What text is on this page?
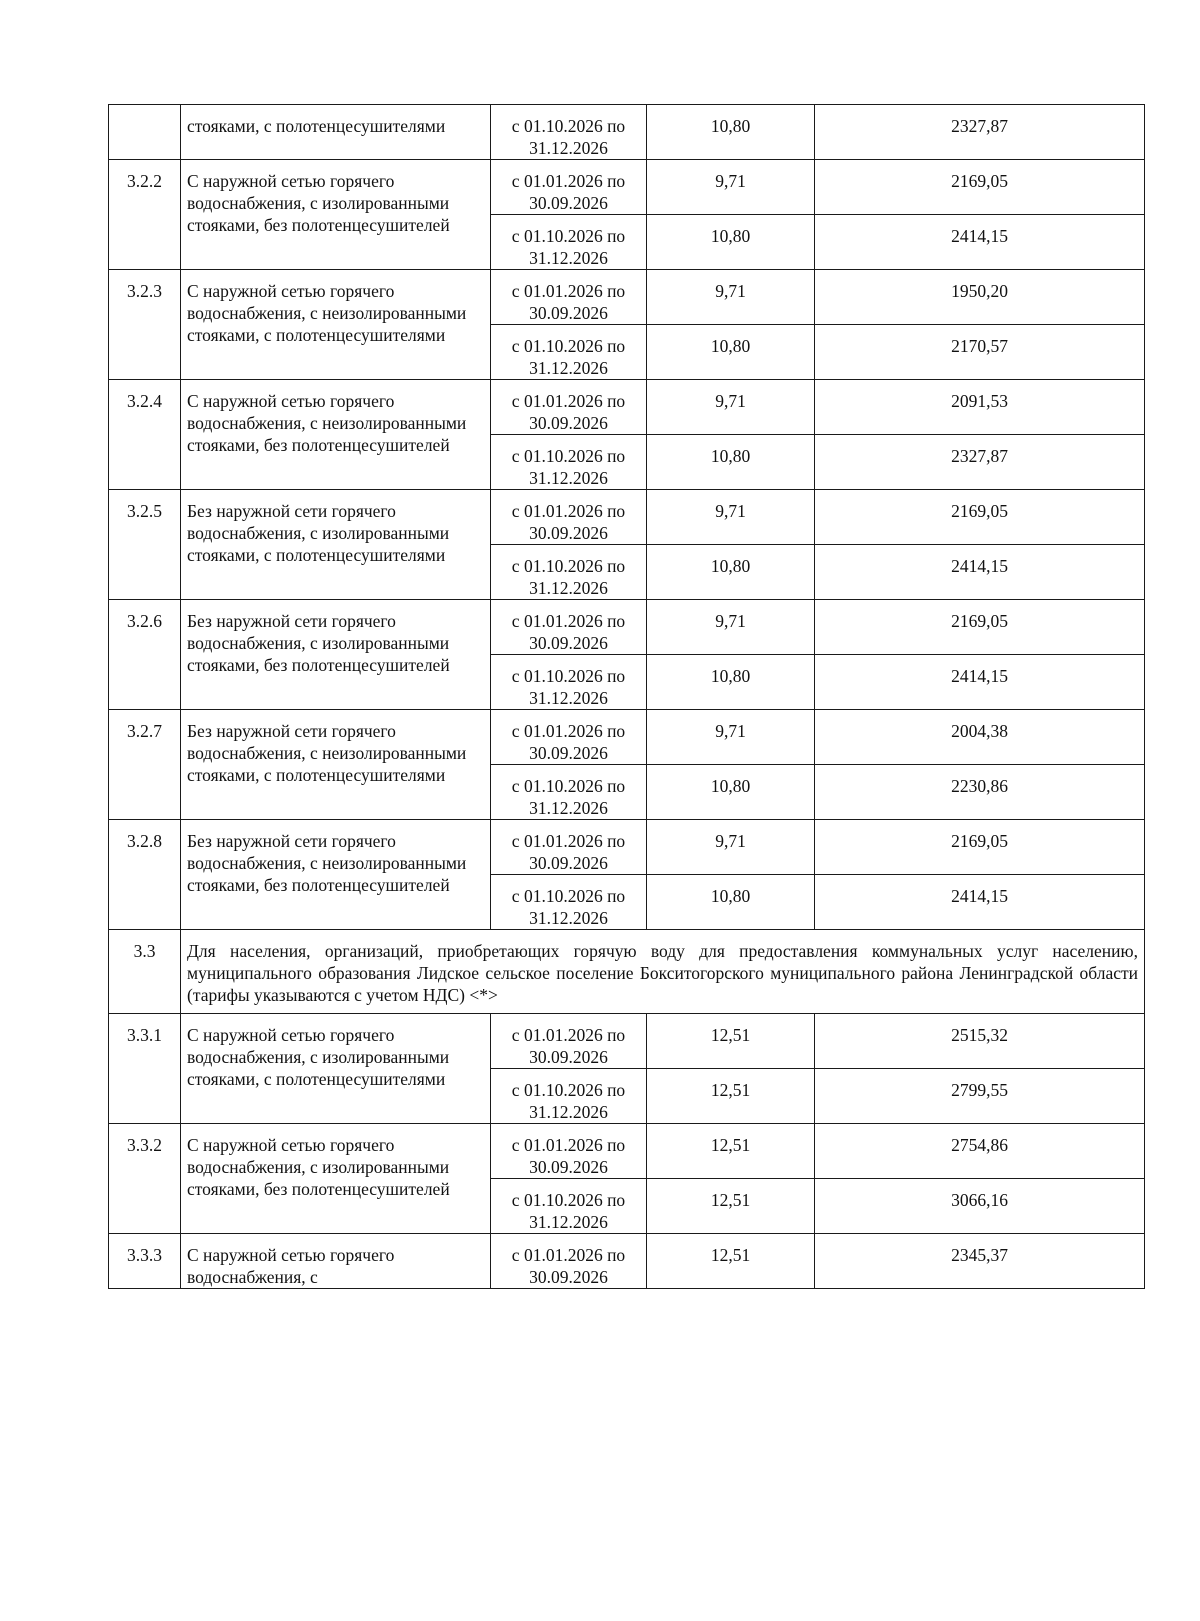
	стояками, с полотенцесушителями	с 01.10.2026 по
31.12.2026	10,80	2327,87
3.2.2	С наружной сетью горячего водоснабжения, с изолированными стояками, без полотенцесушителей	с 01.01.2026 по
30.09.2026	9,71	2169,05

		с 01.10.2026 по
31.12.2026	10,80	2414,15
3.2.3	С наружной сетью горячего водоснабжения, с неизолированными стояками, с полотенцесушителями	с 01.01.2026 по
30.09.2026	9,71	1950,20

		с 01.10.2026 по
31.12.2026	10,80	2170,57
3.2.4	С наружной сетью горячего водоснабжения, с неизолированными стояками, без полотенцесушителей	с 01.01.2026 по
30.09.2026	9,71	2091,53

		с 01.10.2026 по
31.12.2026	10,80	2327,87
3.2.5	Без наружной сети горячего водоснабжения, с изолированными стояками, с полотенцесушителями	с 01.01.2026 по
30.09.2026	9,71	2169,05

		с 01.10.2026 по
31.12.2026	10,80	2414,15
3.2.6	Без наружной сети горячего водоснабжения, с изолированными стояками, без полотенцесушителей	с 01.01.2026 по
30.09.2026	9,71	2169,05

		с 01.10.2026 по
31.12.2026	10,80	2414,15
3.2.7	Без наружной сети горячего водоснабжения, с неизолированными стояками, с полотенцесушителями	с 01.01.2026 по
30.09.2026	9,71	2004,38

		с 01.10.2026 по
31.12.2026	10,80	2230,86
3.2.8	Без наружной сети горячего водоснабжения, с неизолированными стояками, без полотенцесушителей	с 01.01.2026 по
30.09.2026	9,71	2169,05

		с 01.10.2026 по
31.12.2026	10,80	2414,15
3.3	Для населения, организаций, приобретающих горячую воду для предоставления коммунальных услуг населению, муниципального образования Лидское сельское поселение Бокситогорского муниципального района Ленинградской области (тарифы указываются с учетом НДС) <*>			
3.3.1	С наружной сетью горячего водоснабжения, с изолированными стояками, с полотенцесушителями	с 01.01.2026 по
30.09.2026	12,51	2515,32

		с 01.10.2026 по
31.12.2026	12,51	2799,55
3.3.2	С наружной сетью горячего водоснабжения, с изолированными стояками, без полотенцесушителей	с 01.01.2026 по
30.09.2026	12,51	2754,86

		с 01.10.2026 по
31.12.2026	12,51	3066,16
3.3.3	С наружной сетью горячего водоснабжения, с	с 01.01.2026 по
30.09.2026	12,51	2345,37
